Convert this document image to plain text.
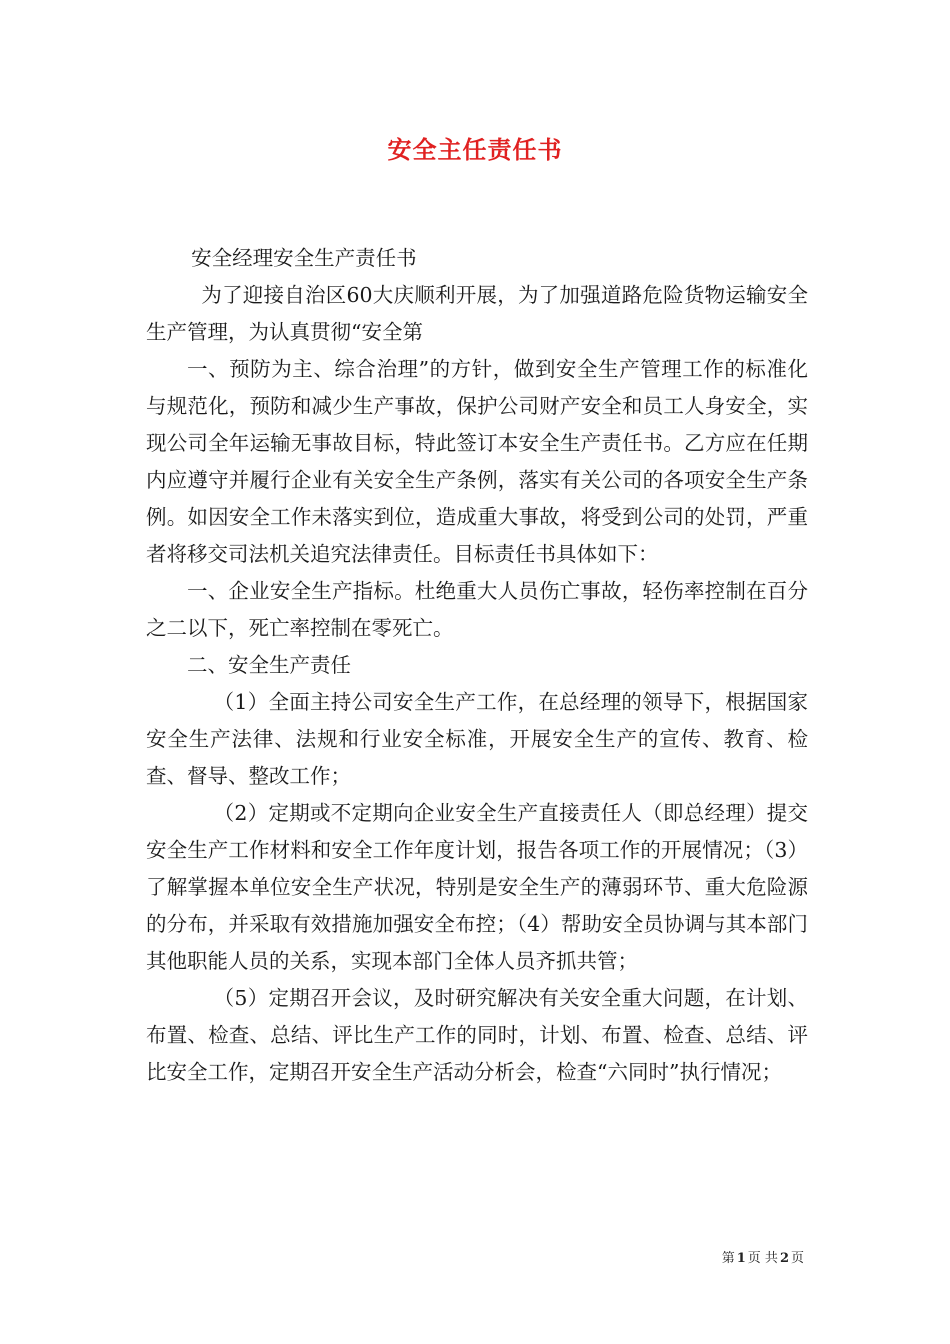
安全主任责任书

安全经理安全生产责任书

为了迎接自治区60大庆顺利开展，为了加强道路危险货物运输安全生产管理，为认真贯彻“安全第

一、预防为主、综合治理”的方针，做到安全生产管理工作的标准化与规范化，预防和减少生产事故，保护公司财产安全和员工人身安全，实现公司全年运输无事故目标，特此签订本安全生产责任书。乙方应在任期内应遵守并履行企业有关安全生产条例，落实有关公司的各项安全生产条例。如因安全工作未落实到位，造成重大事故，将受到公司的处罚，严重者将移交司法机关追究法律责任。目标责任书具体如下：

一、企业安全生产指标。杜绝重大人员伤亡事故，轻伤率控制在百分之二以下，死亡率控制在零死亡。

二、安全生产责任

（1）全面主持公司安全生产工作，在总经理的领导下，根据国家安全生产法律、法规和行业安全标准，开展安全生产的宣传、教育、检查、督导、整改工作；

（2）定期或不定期向企业安全生产直接责任人（即总经理）提交安全生产工作材料和安全工作年度计划，报告各项工作的开展情况；（3）了解掌握本单位安全生产状况，特别是安全生产的薄弱环节、重大危险源的分布，并采取有效措施加强安全布控；（4）帮助安全员协调与其本部门其他职能人员的关系，实现本部门全体人员齐抓共管；

（5）定期召开会议，及时研究解决有关安全重大问题，在计划、布置、检查、总结、评比生产工作的同时，计划、布置、检查、总结、评比安全工作，定期召开安全生产活动分析会，检查“六同时”执行情况；

第 1 页 共 2 页
